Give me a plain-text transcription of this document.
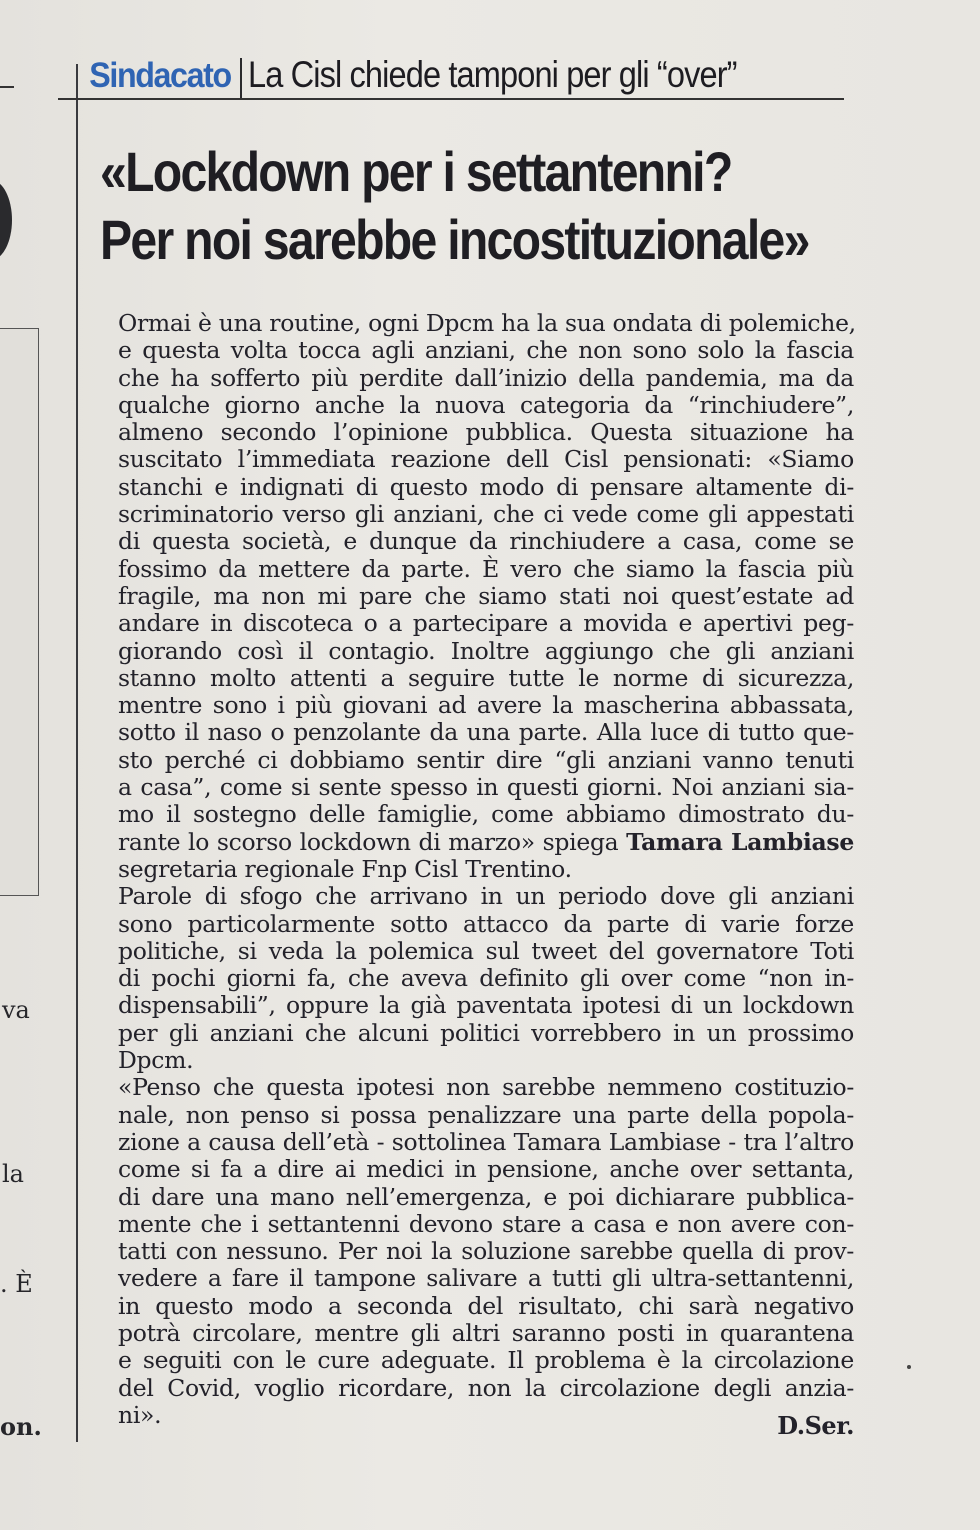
va
la
. È
on.
Sindacato La Cisl chiede tamponi per gli “over”
«Lockdown per i settantenni?
Per noi sarebbe incostituzionale»
Ormai è una routine, ogni Dpcm ha la sua ondata di polemiche,
e questa volta tocca agli anziani, che non sono solo la fascia
che ha sofferto più perdite dall’inizio della pandemia, ma da
qualche giorno anche la nuova categoria da “rinchiudere”,
almeno secondo l’opinione pubblica. Questa situazione ha
suscitato l’immediata reazione dell Cisl pensionati: «Siamo
stanchi e indignati di questo modo di pensare altamente di-
scriminatorio verso gli anziani, che ci vede come gli appestati
di questa società, e dunque da rinchiudere a casa, come se
fossimo da mettere da parte. È vero che siamo la fascia più
fragile, ma non mi pare che siamo stati noi quest’estate ad
andare in discoteca o a partecipare a movida e apertivi peg-
giorando così il contagio. Inoltre aggiungo che gli anziani
stanno molto attenti a seguire tutte le norme di sicurezza,
mentre sono i più giovani ad avere la mascherina abbassata,
sotto il naso o penzolante da una parte. Alla luce di tutto que-
sto perché ci dobbiamo sentir dire “gli anziani vanno tenuti
a casa”, come si sente spesso in questi giorni. Noi anziani sia-
mo il sostegno delle famiglie, come abbiamo dimostrato du-
rante lo scorso lockdown di marzo» spiega Tamara Lambiase
segretaria regionale Fnp Cisl Trentino.
Parole di sfogo che arrivano in un periodo dove gli anziani
sono particolarmente sotto attacco da parte di varie forze
politiche, si veda la polemica sul tweet del governatore Toti
di pochi giorni fa, che aveva definito gli over come “non in-
dispensabili”, oppure la già paventata ipotesi di un lockdown
per gli anziani che alcuni politici vorrebbero in un prossimo
Dpcm.
«Penso che questa ipotesi non sarebbe nemmeno costituzio-
nale, non penso si possa penalizzare una parte della popola-
zione a causa dell’età - sottolinea Tamara Lambiase - tra l’altro
come si fa a dire ai medici in pensione, anche over settanta,
di dare una mano nell’emergenza, e poi dichiarare pubblica-
mente che i settantenni devono stare a casa e non avere con-
tatti con nessuno. Per noi la soluzione sarebbe quella di prov-
vedere a fare il tampone salivare a tutti gli ultra-settantenni,
in questo modo a seconda del risultato, chi sarà negativo
potrà circolare, mentre gli altri saranno posti in quarantena
e seguiti con le cure adeguate. Il problema è la circolazione
del Covid, voglio ricordare, non la circolazione degli anzia-
ni».	D.Ser.
